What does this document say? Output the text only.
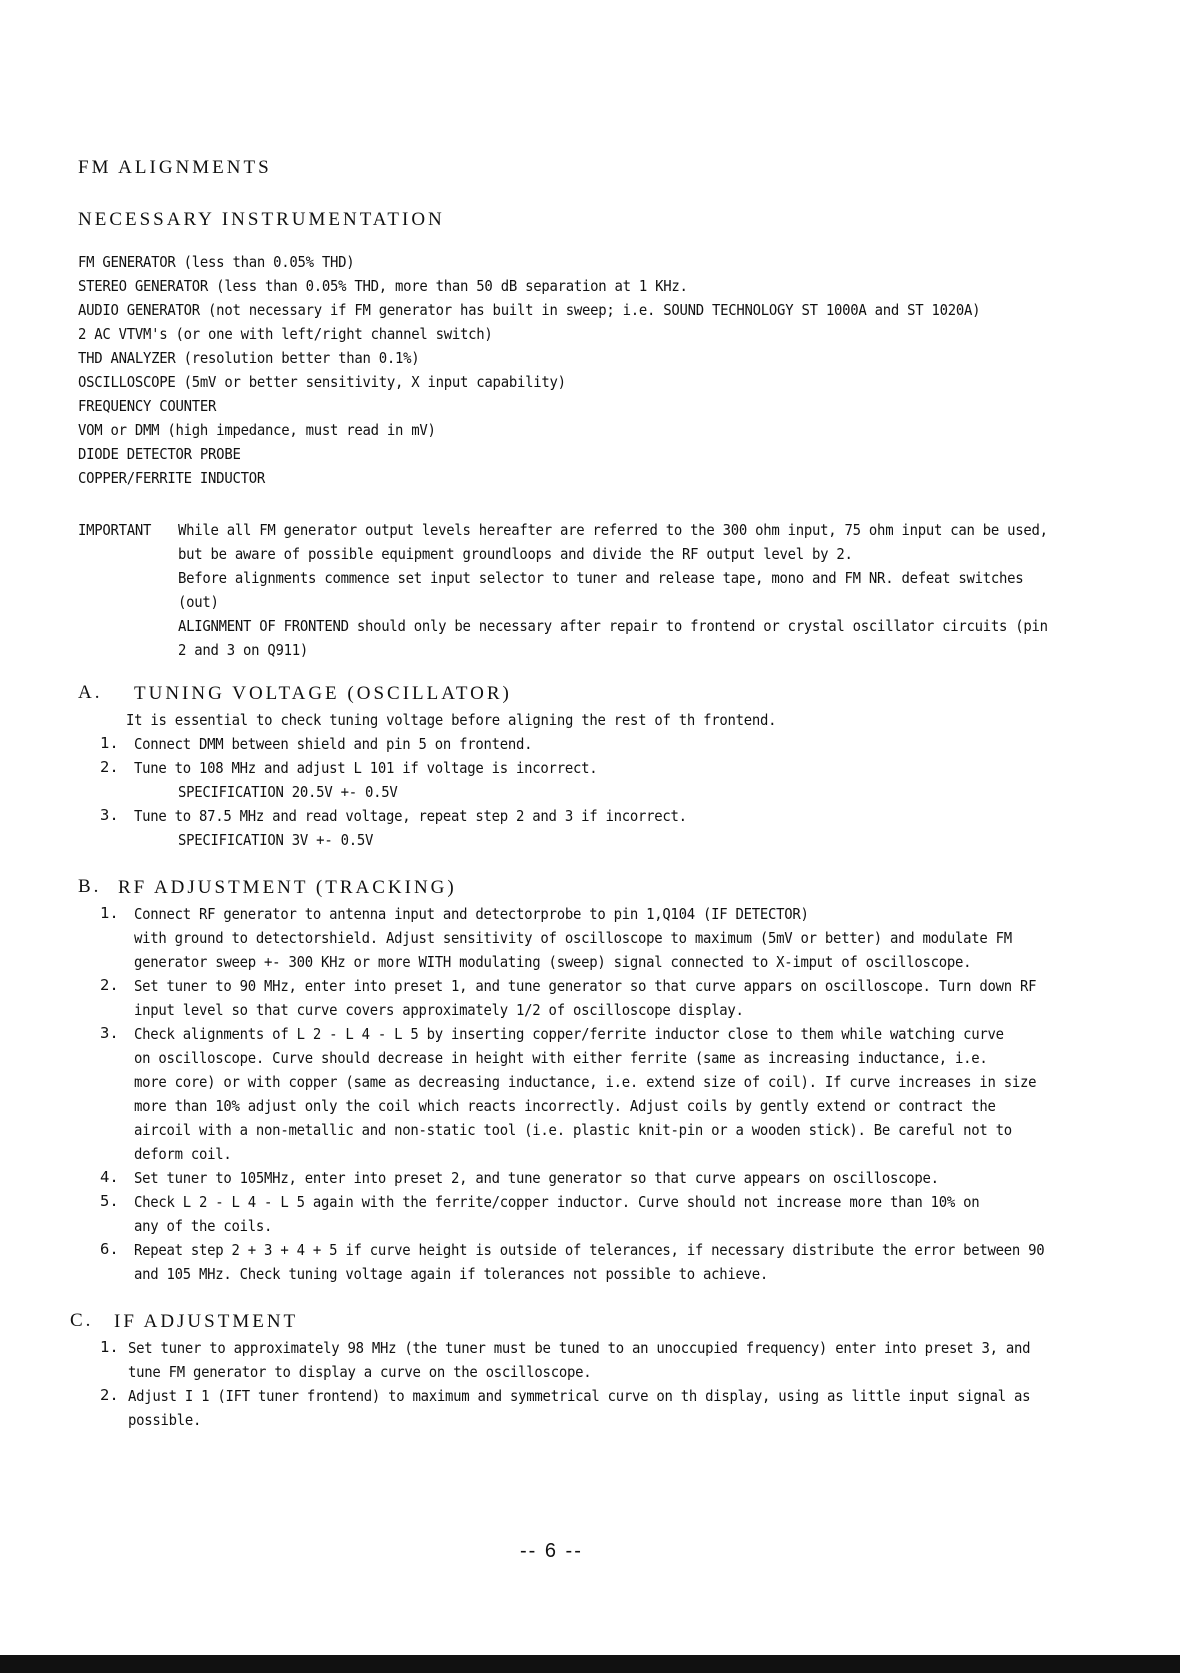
FM ALIGNMENTS
NECESSARY INSTRUMENTATION
FM GENERATOR (less than 0.05% THD)
STEREO GENERATOR (less than 0.05% THD, more than 50 dB separation at 1 KHz.
AUDIO GENERATOR (not necessary if FM generator has built in sweep; i.e. SOUND TECHNOLOGY ST 1000A and ST 1020A)
2 AC VTVM's (or one with left/right channel switch)
THD ANALYZER (resolution better than 0.1%)
OSCILLOSCOPE (5mV or better sensitivity, X input capability)
FREQUENCY COUNTER
VOM or DMM (high impedance, must read in mV)
DIODE DETECTOR PROBE
COPPER/FERRITE INDUCTOR
IMPORTANT While all FM generator output levels hereafter are referred to the 300 ohm input, 75 ohm input can be used,
but be aware of possible equipment groundloops and divide the RF output level by 2.
Before alignments commence set input selector to tuner and release tape, mono and FM NR. defeat switches
(out)
ALIGNMENT OF FRONTEND should only be necessary after repair to frontend or crystal oscillator circuits (pin
2 and 3 on Q911)
A. TUNING VOLTAGE (OSCILLATOR)
It is essential to check tuning voltage before aligning the rest of th frontend.
1. Connect DMM between shield and pin 5 on frontend.
2. Tune to 108 MHz and adjust L 101 if voltage is incorrect.
SPECIFICATION 20.5V +- 0.5V
3. Tune to 87.5 MHz and read voltage, repeat step 2 and 3 if incorrect.
SPECIFICATION 3V +- 0.5V
B. RF ADJUSTMENT (TRACKING)
1. Connect RF generator to antenna input and detectorprobe to pin 1,Q104 (IF DETECTOR)
with ground to detectorshield. Adjust sensitivity of oscilloscope to maximum (5mV or better) and modulate FM
generator sweep +- 300 KHz or more WITH modulating (sweep) signal connected to X-imput of oscilloscope.
2. Set tuner to 90 MHz, enter into preset 1, and tune generator so that curve appars on oscilloscope. Turn down RF
input level so that curve covers approximately 1/2 of oscilloscope display.
3. Check alignments of L 2 - L 4 - L 5 by inserting copper/ferrite inductor close to them while watching curve
on oscilloscope. Curve should decrease in height with either ferrite (same as increasing inductance, i.e.
more core) or with copper (same as decreasing inductance, i.e. extend size of coil). If curve increases in size
more than 10% adjust only the coil which reacts incorrectly. Adjust coils by gently extend or contract the
aircoil with a non-metallic and non-static tool (i.e. plastic knit-pin or a wooden stick). Be careful not to
deform coil.
4. Set tuner to 105MHz, enter into preset 2, and tune generator so that curve appears on oscilloscope.
5. Check L 2 - L 4 - L 5 again with the ferrite/copper inductor. Curve should not increase more than 10% on
any of the coils.
6. Repeat step 2 + 3 + 4 + 5 if curve height is outside of telerances, if necessary distribute the error between 90
and 105 MHz. Check tuning voltage again if tolerances not possible to achieve.
C. IF ADJUSTMENT
1. Set tuner to approximately 98 MHz (the tuner must be tuned to an unoccupied frequency) enter into preset 3, and
tune FM generator to display a curve on the oscilloscope.
2. Adjust I 1 (IFT tuner frontend) to maximum and symmetrical curve on th display, using as little input signal as
possible.
-- 6 --
